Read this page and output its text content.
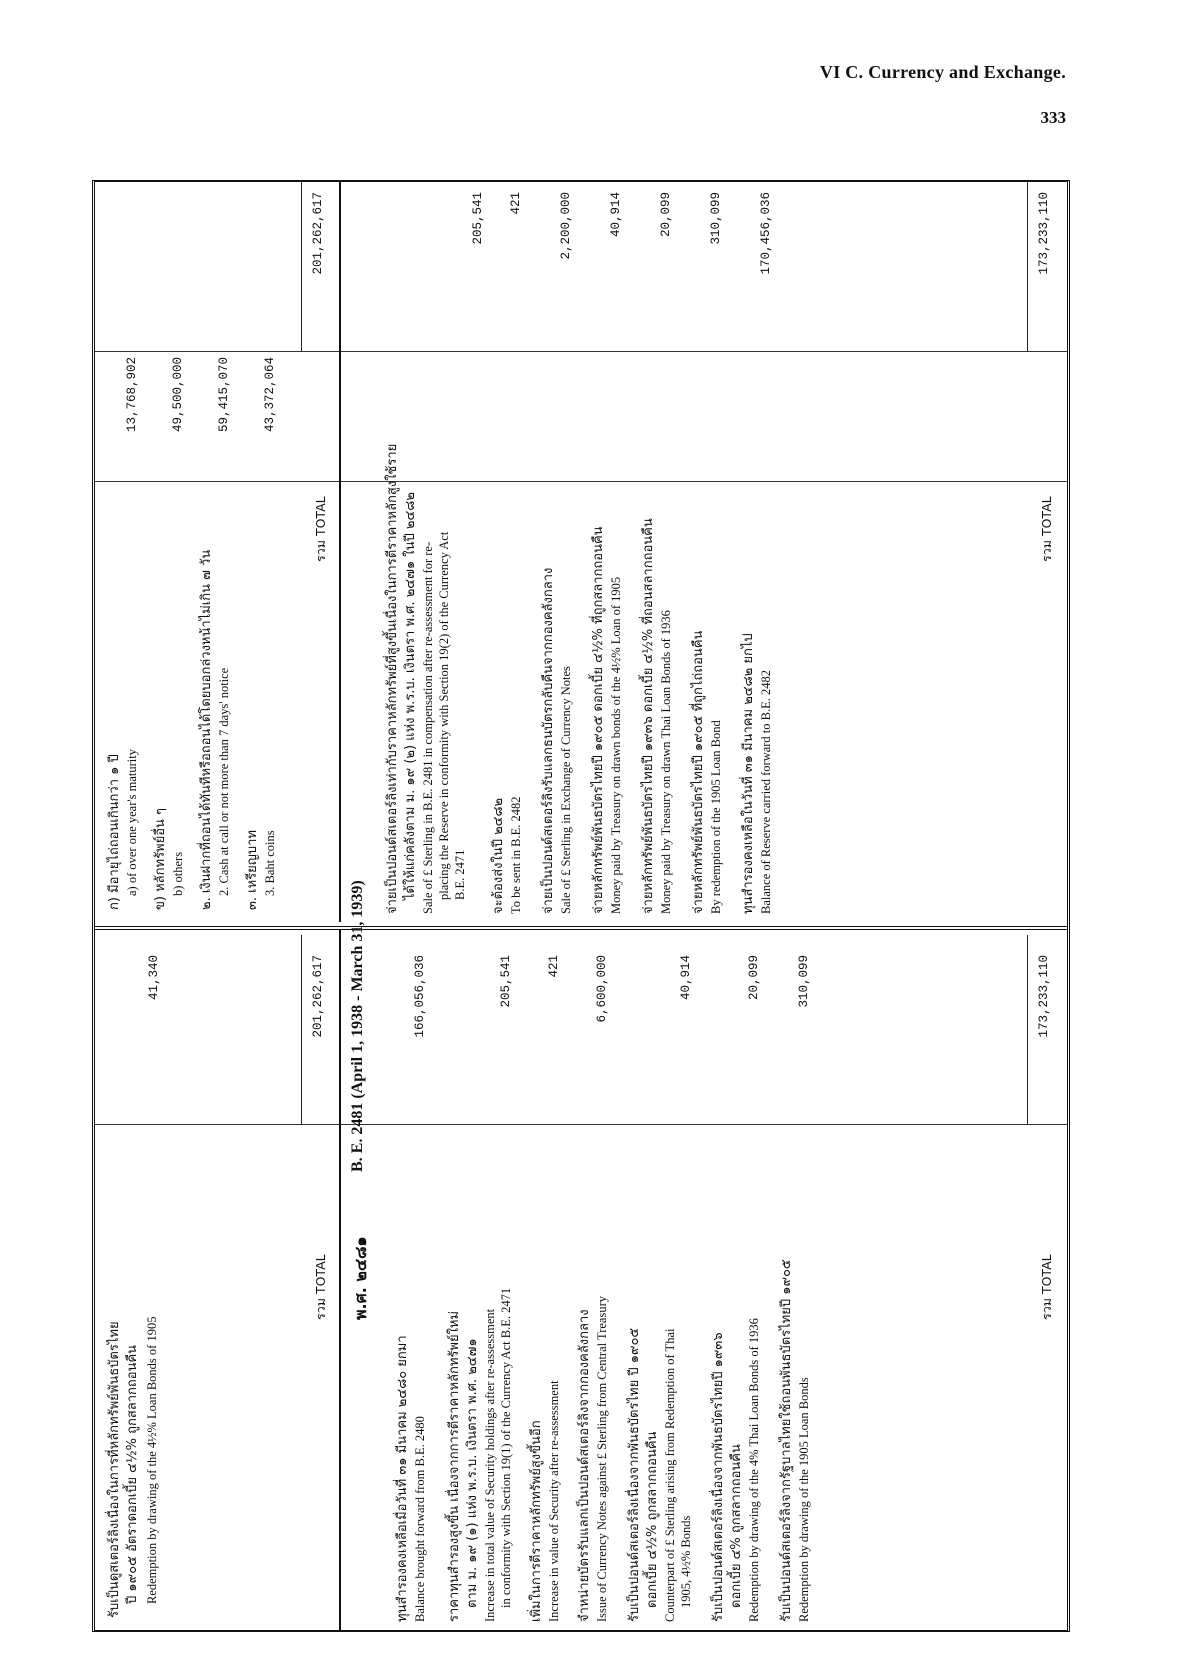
VI C. Currency and Exchange.
333
รับเป็นดูสเตอร์ลิงเนื่องในการที่หลักทรัพย์พันธบัตรไทย ปี ๑๙๐๕ อัตราดอกเบี้ย ๔½% ถูกสลากถอนคืน Redemption by drawing of the 4½% Loan Bonds of 1905
41,340
รวม TOTAL
201,262,617
พ.ศ. ๒๔๘๑
ทุนสำรองคงเหลือเมื่อวันที่ ๓๑ มีนาคม ๒๔๘๐ ยกมา Balance brought forward from B.E. 2480
166,056,036
ราคาทุนสำรองสูงขึ้น เนื่องจากการตีราคาหลักทรัพย์ใหม่ ตาม ม. ๑๙ (๑) แห่ง พ.ร.บ. เงินตรา พ.ศ. ๒๔๗๑ Increase in total value of Security holdings after re-assessment in conformity with Section 19(1) of the Currency Act B.E. 2471
205,541
เพิ่มในการตีราคาหลักทรัพย์สูงขึ้นอีก Increase in value of Security after re-assessment
421
จำหน่ายบัตรรับแลกเป็นปอนด์สเตอร์ลิงจากกองคลังกลาง Issue of Currency Notes against £ Sterling from Central Treasury
6,600,000
รับเป็นปอนด์สเตอร์ลิงเนื่องจากพันธบัตรไทย ปี ๑๙๐๕ ดอกเบี้ย ๔½% ถูกสลากถอนคืน Counterpart of £ Sterling arising from Redemption of Thai 1905, 4½% Bonds
40,914
รับเป็นปอนด์สเตอร์ลิงเนื่องจากพันธบัตรไทยปี ๑๙๓๖ ดอกเบี้ย ๔% ถูกสลากถอนคืน Redemption by drawing of the 4% Thai Loan Bonds of 1936
20,099
รับเป็นปอนด์สเตอร์ลิงจากรัฐบาลไทยใช้ถอนพันธบัตรไทยปี ๑๙๐๕ Redemption by drawing of the 1905 Loan Bonds
310,099
รวม TOTAL
173,233,110
ก) มีอายุไถ่ถอนเกินกว่า ๑ ปี a) of over one year's maturity
13,768,902
ข) หลักทรัพย์อื่น ๆ b) others
49,500,000
๒. เงินฝากที่ถอนได้ทันทีหรือถอนได้โดยบอกล่วงหน้าไม่เกิน ๗ วัน 2. Cash at call or not more than 7 days' notice
59,415,070
๓. เหรียญบาท 3. Baht coins
43,372,064
รวม TOTAL
201,262,617
B. E. 2481 (April 1, 1938 - March 31, 1939)
จ่ายเป็นปอนด์สเตอร์ลิงเท่ากับราคาหลักทรัพย์ที่สูงขึ้นเนื่องในการตีราคาหลักสูงใช้ราย ได้ให้แก่คลังตาม ม. ๑๙ (๒) แห่ง พ.ร.บ. เงินตรา พ.ศ. ๒๔๗๑ ในปี ๒๔๘๒ Sale of £ Sterling in B.E. 2481 in compensation after re-assessment for re- placing the Reserve in conformity with Section 19(2) of the Currency Act B.E. 2471
205,541
จะต้องส่งในปี ๒๔๘๒ To be sent in B.E. 2482
421
จ่ายเป็นปอนด์สเตอร์ลิงรับแลกธนบัตรกลับคืนจากกองคลังกลาง Sale of £ Sterling in Exchange of Currency Notes
2,200,000
จ่ายหลักทรัพย์พันธบัตรไทยปี ๑๙๐๕ ดอกเบี้ย ๔½% ที่ถูกสลากถอนคืน Money paid by Treasury on drawn bonds of the 4½% Loan of 1905
40,914
จ่ายหลักทรัพย์พันธบัตรไทยปี ๑๙๓๖ ดอกเบี้ย ๔½% ที่ถอนสลากถอนคืน Money paid by Treasury on drawn Thai Loan Bonds of 1936
20,099
จ่ายหลักทรัพย์พันธบัตรไทยปี ๑๙๐๕ ที่ถูกไถ่ถอนคืน By redemption of the 1905 Loan Bond
310,099
ทุนสำรองคงเหลือในวันที่ ๓๑ มีนาคม ๒๔๘๒ ยกไป Balance of Reserve carried forward to B.E. 2482
170,456,036
รวม TOTAL
173,233,110
